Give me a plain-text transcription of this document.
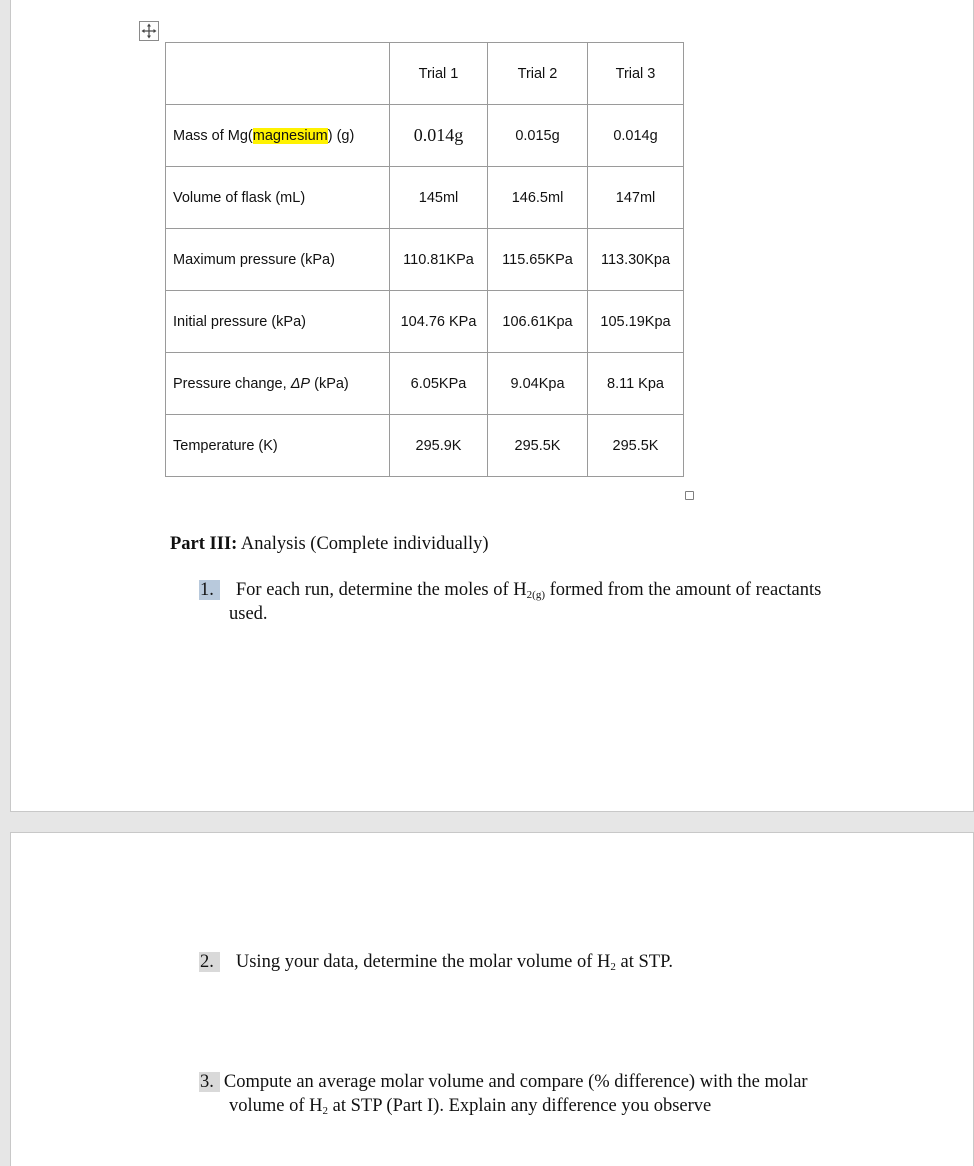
	Trial 1	Trial 2	Trial 3
Mass of Mg(magnesium) (g)	0.014g	0.015g	0.014g
Volume of flask (mL)	145ml	146.5ml	147ml
Maximum pressure (kPa)	110.81KPa	115.65KPa	113.30Kpa
Initial pressure (kPa)	104.76 KPa	106.61Kpa	105.19Kpa
Pressure change, ΔP (kPa)	6.05KPa	9.04Kpa	8.11 Kpa
Temperature (K)	295.9K	295.5K	295.5K
Part III: Analysis (Complete individually)
1. For each run, determine the moles of $H_{2(g)}$ formed from the amount of reactants
used.
2. Using your data, determine the molar volume of $H_2$ at STP.
3. Compute an average molar volume and compare (% difference) with the molar
volume of $H_2$ at STP (Part I). Explain any difference you observe
